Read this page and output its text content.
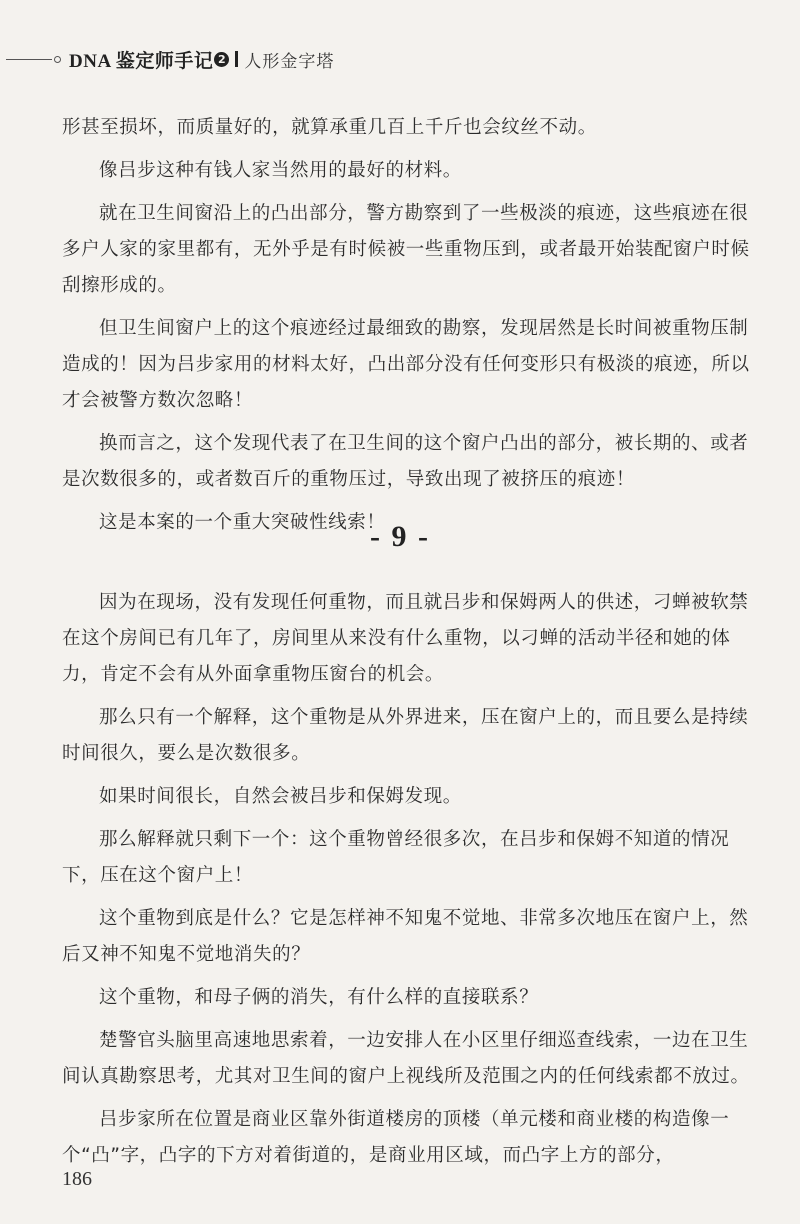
DNA 鉴定师手记 2 人形金字塔

形甚至损坏，而质量好的，就算承重几百上千斤也会纹丝不动。

像吕步这种有钱人家当然用的最好的材料。

就在卫生间窗沿上的凸出部分，警方勘察到了一些极淡的痕迹，这些痕迹在很多户人家的家里都有，无外乎是有时候被一些重物压到，或者最开始装配窗户时候刮擦形成的。

但卫生间窗户上的这个痕迹经过最细致的勘察，发现居然是长时间被重物压制造成的！因为吕步家用的材料太好，凸出部分没有任何变形只有极淡的痕迹，所以才会被警方数次忽略！

换而言之，这个发现代表了在卫生间的这个窗户凸出的部分，被长期的、或者是次数很多的，或者数百斤的重物压过，导致出现了被挤压的痕迹！

这是本案的一个重大突破性线索！

- 9 -

因为在现场，没有发现任何重物，而且就吕步和保姆两人的供述，刁蝉被软禁在这个房间已有几年了，房间里从来没有什么重物，以刁蝉的活动半径和她的体力，肯定不会有从外面拿重物压窗台的机会。

那么只有一个解释，这个重物是从外界进来，压在窗户上的，而且要么是持续时间很久，要么是次数很多。

如果时间很长，自然会被吕步和保姆发现。

那么解释就只剩下一个：这个重物曾经很多次，在吕步和保姆不知道的情况下，压在这个窗户上！

这个重物到底是什么？它是怎样神不知鬼不觉地、非常多次地压在窗户上，然后又神不知鬼不觉地消失的？

这个重物，和母子俩的消失，有什么样的直接联系？

楚警官头脑里高速地思索着，一边安排人在小区里仔细巡查线索，一边在卫生间认真勘察思考，尤其对卫生间的窗户上视线所及范围之内的任何线索都不放过。

吕步家所在位置是商业区靠外街道楼房的顶楼（单元楼和商业楼的构造像一个“凸”字，凸字的下方对着街道的，是商业用区域，而凸字上方的部分，

186
